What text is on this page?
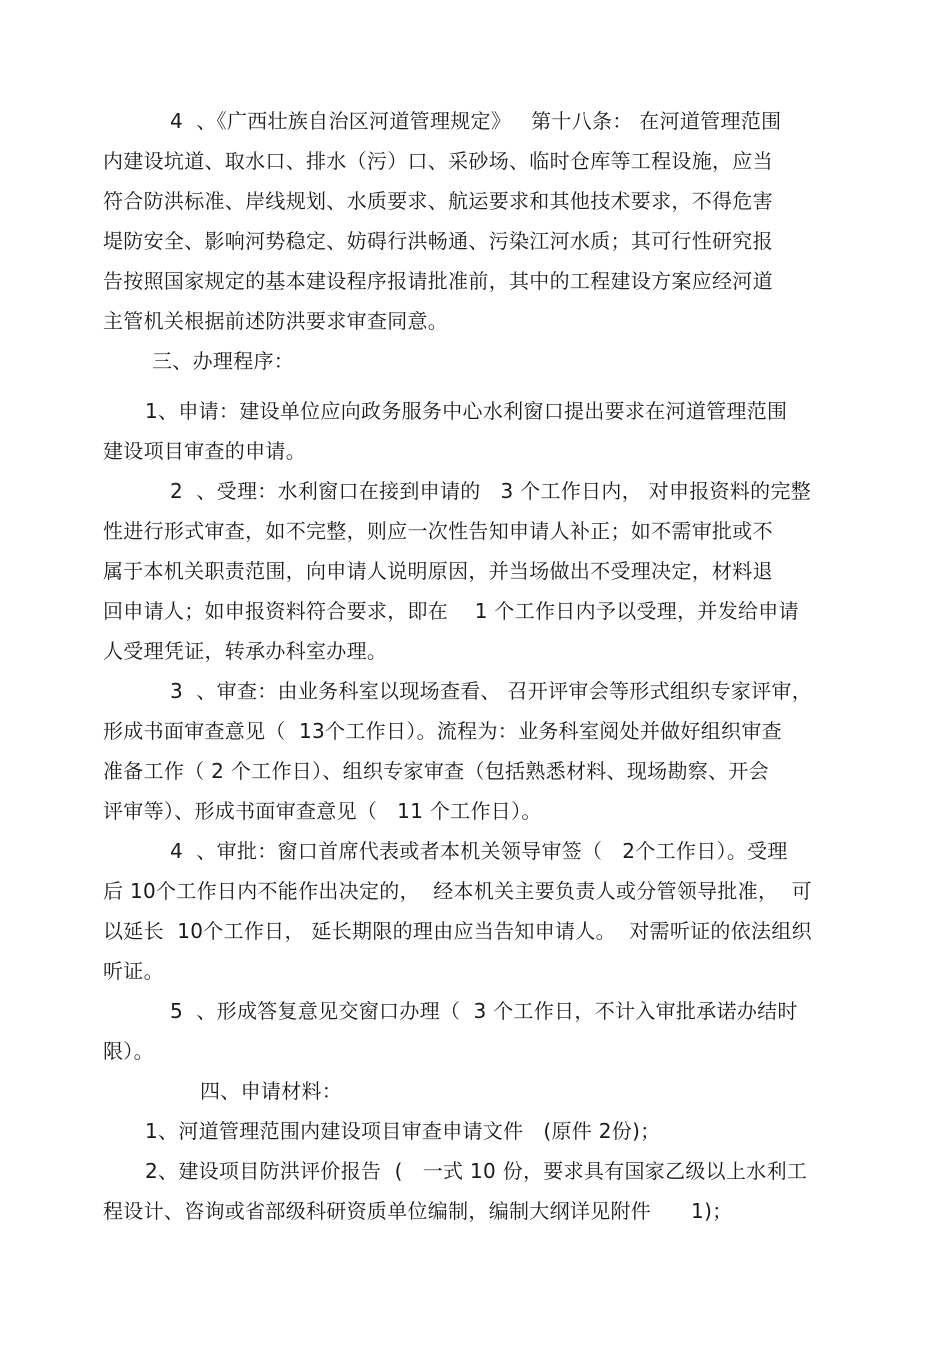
4  、《广西壮族自治区河道管理规定》   第十八条： 在河道管理范围
内建设坑道、取水口、排水（污）口、采砂场、临时仓库等工程设施，应当
符合防洪标准、岸线规划、水质要求、航运要求和其他技术要求，不得危害
堤防安全、影响河势稳定、妨碍行洪畅通、污染江河水质；其可行性研究报
告按照国家规定的基本建设程序报请批准前，其中的工程建设方案应经河道
主管机关根据前述防洪要求审查同意。
三、办理程序：
1、申请：建设单位应向政务服务中心水利窗口提出要求在河道管理范围
建设项目审查的申请。
2  、受理：水利窗口在接到申请的   3 个工作日内， 对申报资料的完整
性进行形式审查，如不完整，则应一次性告知申请人补正；如不需审批或不
属于本机关职责范围，向申请人说明原因，并当场做出不受理决定，材料退
回申请人；如申报资料符合要求，即在    1 个工作日内予以受理，并发给申请
人受理凭证，转承办科室办理。
3  、审查：由业务科室以现场查看、 召开评审会等形式组织专家评审，
形成书面审查意见（  13个工作日）。流程为：业务科室阅处并做好组织审查
准备工作（ 2 个工作日）、组织专家审查（包括熟悉材料、现场勘察、开会
评审等）、形成书面审查意见（   11 个工作日）。
4  、审批：窗口首席代表或者本机关领导审签（   2个工作日）。受理
后 10个工作日内不能作出决定的，  经本机关主要负责人或分管领导批准，  可
以延长  10个工作日， 延长期限的理由应当告知申请人。  对需听证的依法组织
听证。
5  、形成答复意见交窗口办理（  3 个工作日，不计入审批承诺办结时
限）。
四、申请材料：
1、河道管理范围内建设项目审查申请文件   (原件 2份)；
2、建设项目防洪评价报告  (   一式 10 份，要求具有国家乙级以上水利工
程设计、咨询或省部级科研资质单位编制，编制大纲详见附件      1)；
